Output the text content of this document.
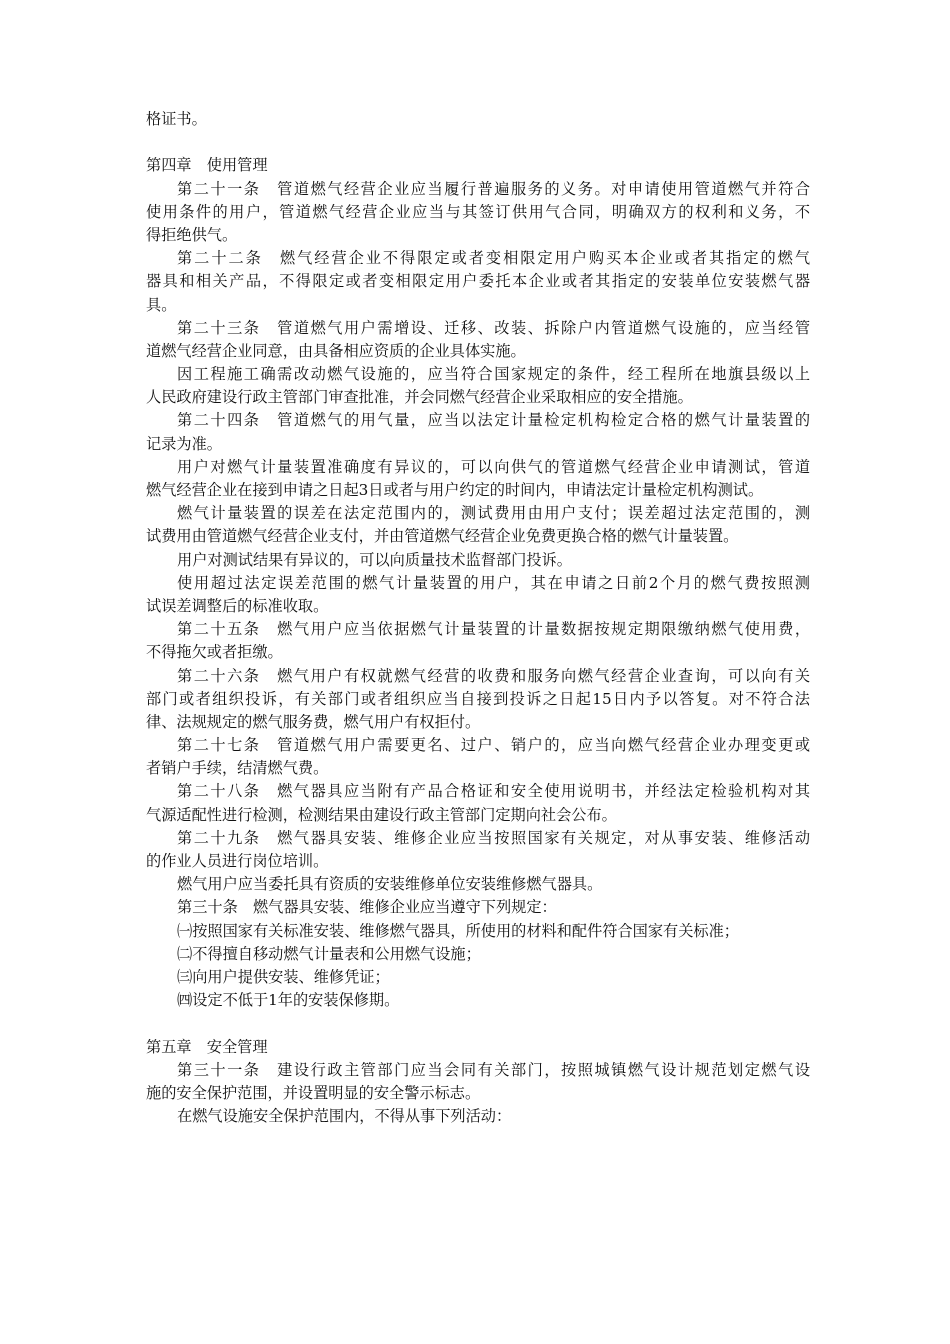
格证书。
第四章　使用管理
第二十一条　管道燃气经营企业应当履行普遍服务的义务。对申请使用管道燃气并符合
使用条件的用户，管道燃气经营企业应当与其签订供用气合同，明确双方的权利和义务，不
得拒绝供气。
第二十二条　燃气经营企业不得限定或者变相限定用户购买本企业或者其指定的燃气
器具和相关产品，不得限定或者变相限定用户委托本企业或者其指定的安装单位安装燃气器
具。
第二十三条　管道燃气用户需增设、迁移、改装、拆除户内管道燃气设施的，应当经管
道燃气经营企业同意，由具备相应资质的企业具体实施。
因工程施工确需改动燃气设施的，应当符合国家规定的条件，经工程所在地旗县级以上
人民政府建设行政主管部门审查批准，并会同燃气经营企业采取相应的安全措施。
第二十四条　管道燃气的用气量，应当以法定计量检定机构检定合格的燃气计量装置的
记录为准。
用户对燃气计量装置准确度有异议的，可以向供气的管道燃气经营企业申请测试，管道
燃气经营企业在接到申请之日起3日或者与用户约定的时间内，申请法定计量检定机构测试。
燃气计量装置的误差在法定范围内的，测试费用由用户支付；误差超过法定范围的，测
试费用由管道燃气经营企业支付，并由管道燃气经营企业免费更换合格的燃气计量装置。
用户对测试结果有异议的，可以向质量技术监督部门投诉。
使用超过法定误差范围的燃气计量装置的用户，其在申请之日前2个月的燃气费按照测
试误差调整后的标准收取。
第二十五条　燃气用户应当依据燃气计量装置的计量数据按规定期限缴纳燃气使用费，
不得拖欠或者拒缴。
第二十六条　燃气用户有权就燃气经营的收费和服务向燃气经营企业查询，可以向有关
部门或者组织投诉，有关部门或者组织应当自接到投诉之日起15日内予以答复。对不符合法
律、法规规定的燃气服务费，燃气用户有权拒付。
第二十七条　管道燃气用户需要更名、过户、销户的，应当向燃气经营企业办理变更或
者销户手续，结清燃气费。
第二十八条　燃气器具应当附有产品合格证和安全使用说明书，并经法定检验机构对其
气源适配性进行检测，检测结果由建设行政主管部门定期向社会公布。
第二十九条　燃气器具安装、维修企业应当按照国家有关规定，对从事安装、维修活动
的作业人员进行岗位培训。
燃气用户应当委托具有资质的安装维修单位安装维修燃气器具。
第三十条　燃气器具安装、维修企业应当遵守下列规定：
㈠按照国家有关标准安装、维修燃气器具，所使用的材料和配件符合国家有关标准；
㈡不得擅自移动燃气计量表和公用燃气设施；
㈢向用户提供安装、维修凭证；
㈣设定不低于1年的安装保修期。
第五章　安全管理
第三十一条　建设行政主管部门应当会同有关部门，按照城镇燃气设计规范划定燃气设
施的安全保护范围，并设置明显的安全警示标志。
在燃气设施安全保护范围内，不得从事下列活动：
